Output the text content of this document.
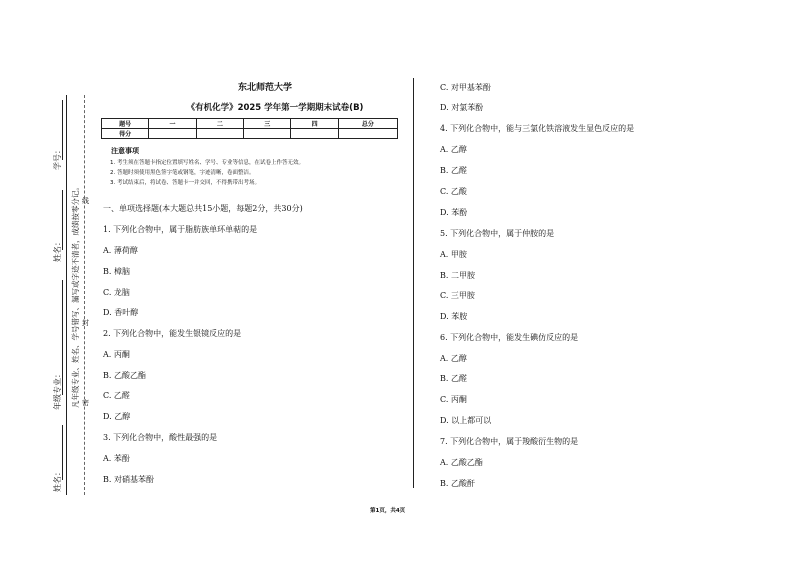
学号：
姓名：
年级专业：
姓名：
凡年级专业、姓名、学号错写、漏写或字迹不清者，成绩按零分记。 密
封
线
东北师范大学
《有机化学》2025 学年第一学期期末试卷(B)
题号	一	二	三	四	总分
得分					
注意事项
1. 考生须在答题卡指定位置填写姓名、学号、专业等信息，在试卷上作答无效。
2. 答题时须使用黑色签字笔或钢笔，字迹清晰，卷面整洁。
3. 考试结束后，将试卷、答题卡一并交回，不得携带出考场。
一、单项选择题(本大题总共15小题，每题2分，共30分)
1. 下列化合物中，属于脂肪族单环单萜的是
A. 薄荷醇
B. 樟脑
C. 龙脑
D. 香叶醇
2. 下列化合物中，能发生银镜反应的是
A. 丙酮
B. 乙酸乙酯
C. 乙醛
D. 乙醇
3. 下列化合物中，酸性最强的是
A. 苯酚
B. 对硝基苯酚
C. 对甲基苯酚
D. 对氯苯酚
4. 下列化合物中，能与三氯化铁溶液发生显色反应的是
A. 乙醇
B. 乙醛
C. 乙酸
D. 苯酚
5. 下列化合物中，属于仲胺的是
A. 甲胺
B. 二甲胺
C. 三甲胺
D. 苯胺
6. 下列化合物中，能发生碘仿反应的是
A. 乙醇
B. 乙醛
C. 丙酮
D. 以上都可以
7. 下列化合物中，属于羧酸衍生物的是
A. 乙酸乙酯
B. 乙酸酐
第1页，共4页
